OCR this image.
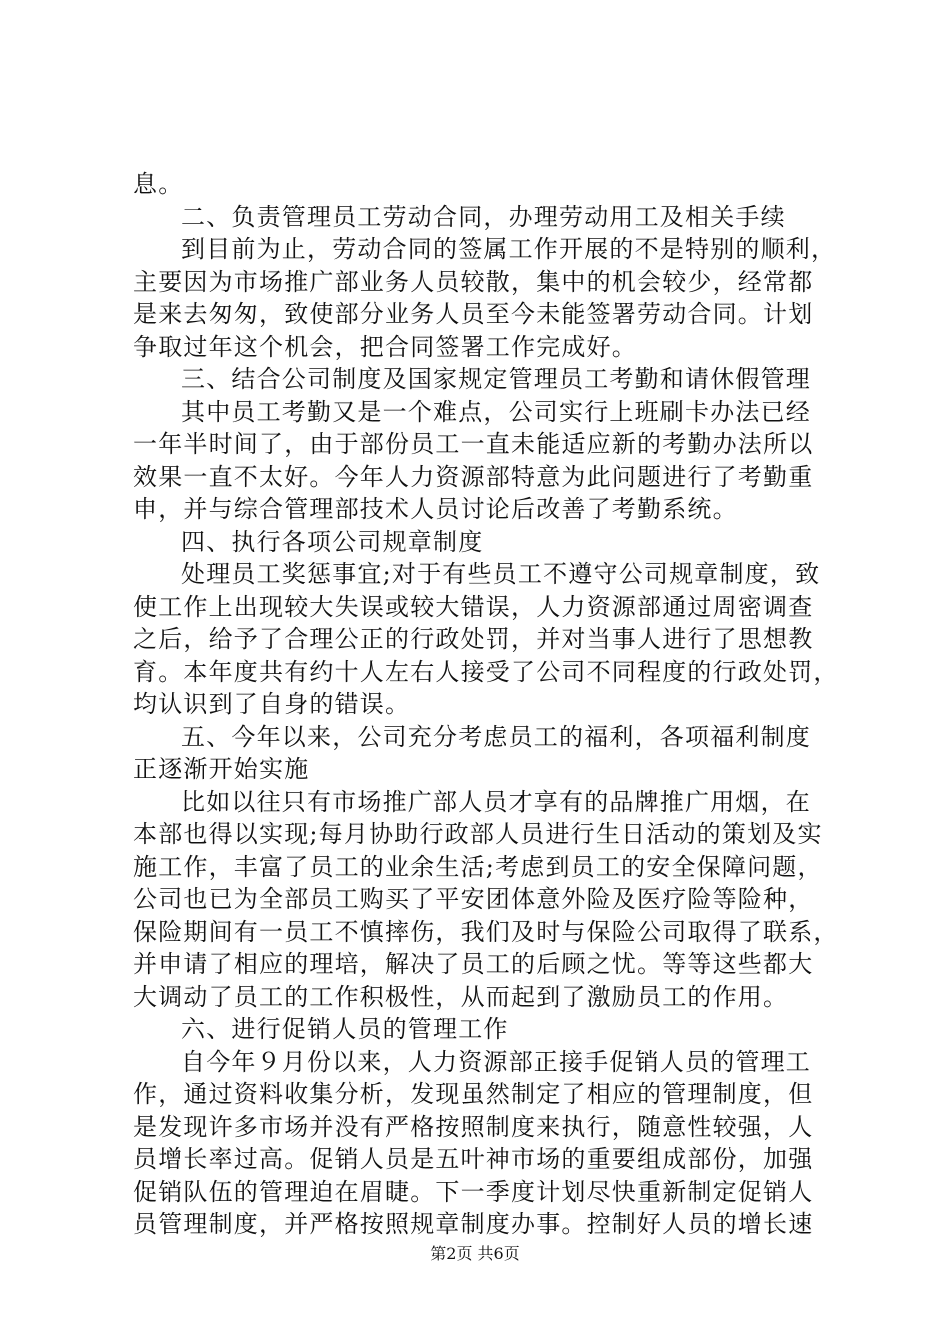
息。
二、负责管理员工劳动合同，办理劳动用工及相关手续
到目前为止，劳动合同的签属工作开展的不是特别的顺利，
主要因为市场推广部业务人员较散，集中的机会较少，经常都
是来去匆匆，致使部分业务人员至今未能签署劳动合同。计划
争取过年这个机会，把合同签署工作完成好。
三、结合公司制度及国家规定管理员工考勤和请休假管理
其中员工考勤又是一个难点，公司实行上班刷卡办法已经
一年半时间了，由于部份员工一直未能适应新的考勤办法所以
效果一直不太好。今年人力资源部特意为此问题进行了考勤重
申，并与综合管理部技术人员讨论后改善了考勤系统。
四、执行各项公司规章制度
处理员工奖惩事宜;对于有些员工不遵守公司规章制度，致
使工作上出现较大失误或较大错误，人力资源部通过周密调查
之后，给予了合理公正的行政处罚，并对当事人进行了思想教
育。本年度共有约十人左右人接受了公司不同程度的行政处罚，
均认识到了自身的错误。
五、今年以来，公司充分考虑员工的福利，各项福利制度
正逐渐开始实施
比如以往只有市场推广部人员才享有的品牌推广用烟，在
本部也得以实现;每月协助行政部人员进行生日活动的策划及实
施工作，丰富了员工的业余生活;考虑到员工的安全保障问题，
公司也已为全部员工购买了平安团体意外险及医疗险等险种，
保险期间有一员工不慎摔伤，我们及时与保险公司取得了联系，
并申请了相应的理培，解决了员工的后顾之忧。等等这些都大
大调动了员工的工作积极性，从而起到了激励员工的作用。
六、进行促销人员的管理工作
自今年９月份以来，人力资源部正接手促销人员的管理工
作，通过资料收集分析，发现虽然制定了相应的管理制度，但
是发现许多市场并没有严格按照制度来执行，随意性较强，人
员增长率过高。促销人员是五叶神市场的重要组成部份，加强
促销队伍的管理迫在眉睫。下一季度计划尽快重新制定促销人
员管理制度，并严格按照规章制度办事。控制好人员的增长速
第2页 共6页
